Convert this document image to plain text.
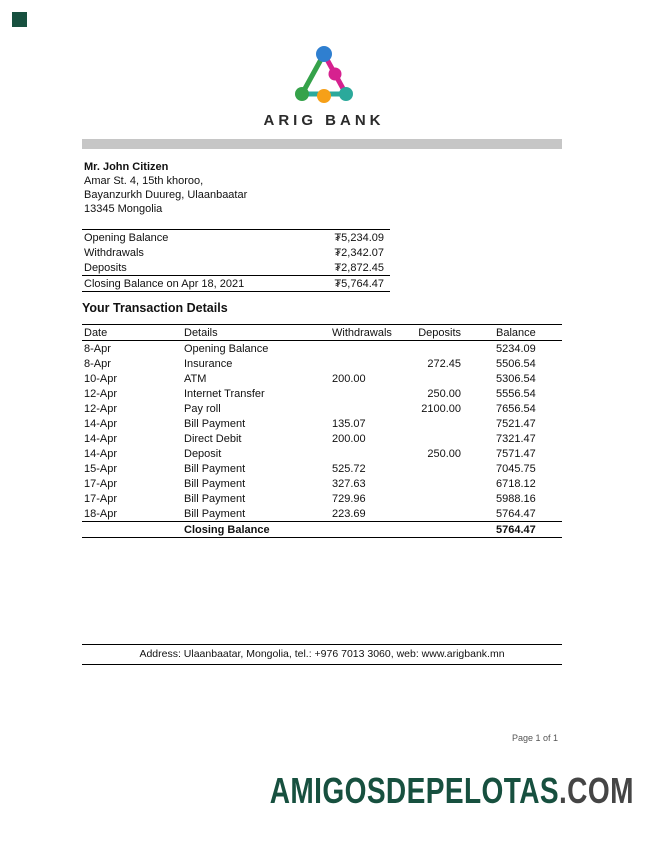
ARIG BANK
Mr. John Citizen
Amar St. 4, 15th khoroo,
Bayanzurkh Duureg, Ulaanbaatar
13345 Mongolia
Opening Balance	₮5,234.09
Withdrawals	₮2,342.07
Deposits	₮2,872.45
Closing Balance on Apr 18, 2021	₮5,764.47
Your Transaction Details
Date	Details	Withdrawals	Deposits	Balance
8-Apr	Opening Balance			5234.09
8-Apr	Insurance		272.45	5506.54
10-Apr	ATM	200.00		5306.54
12-Apr	Internet Transfer		250.00	5556.54
12-Apr	Pay roll		2100.00	7656.54
14-Apr	Bill Payment	135.07		7521.47
14-Apr	Direct Debit	200.00		7321.47
14-Apr	Deposit		250.00	7571.47
15-Apr	Bill Payment	525.72		7045.75
17-Apr	Bill Payment	327.63		6718.12
17-Apr	Bill Payment	729.96		5988.16
18-Apr	Bill Payment	223.69		5764.47
	Closing Balance			5764.47
Address: Ulaanbaatar, Mongolia, tel.: +976 7013 3060, web: www.arigbank.mn
Page 1 of 1
AMIGOSDEPELOTAS.COM
